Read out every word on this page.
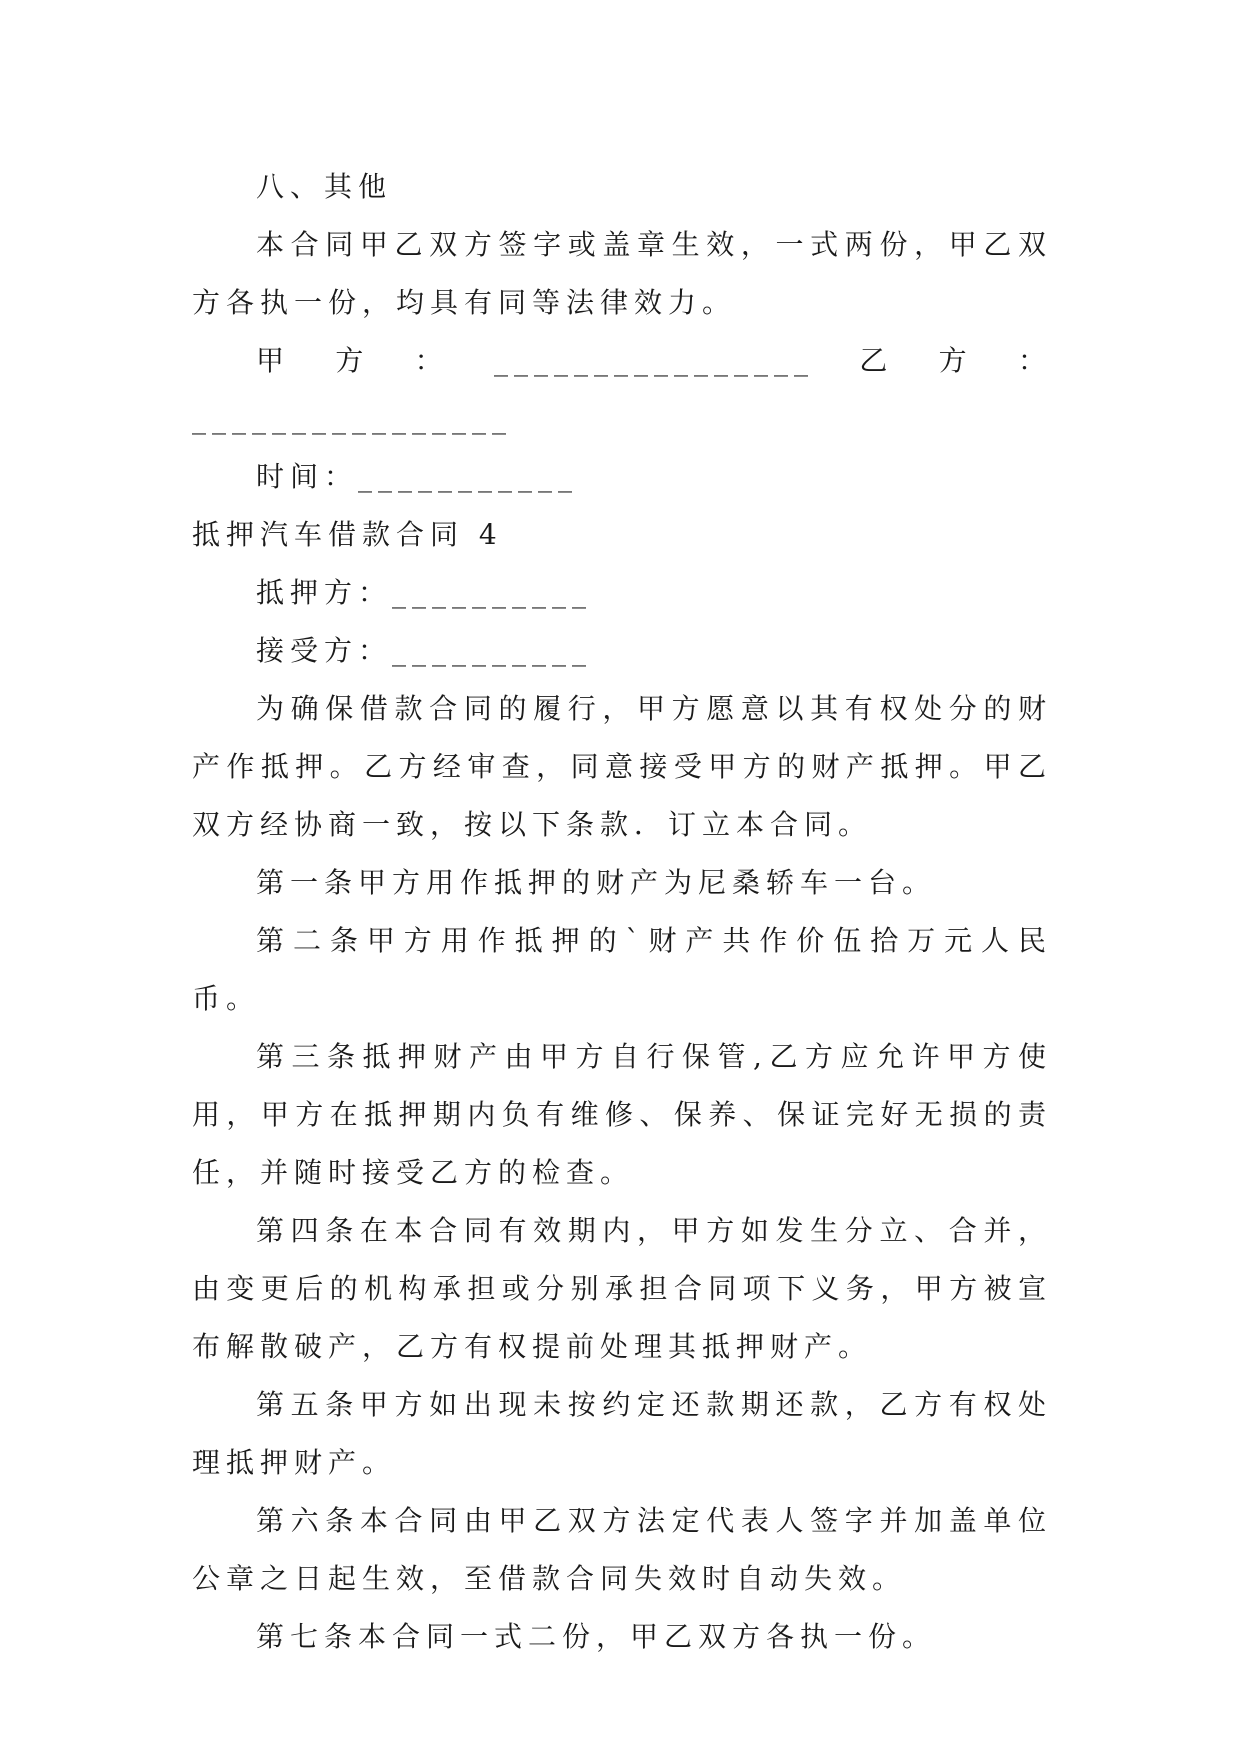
八、其他

本合同甲乙双方签字或盖章生效，一式两份，甲乙双方各执一份，均具有同等法律效力。

甲方：________________乙方：________________

时间：___________

抵押汽车借款合同 4

抵押方：__________

接受方：__________

为确保借款合同的履行，甲方愿意以其有权处分的财产作抵押。乙方经审查，同意接受甲方的财产抵押。甲乙双方经协商一致，按以下条款．订立本合同。

第一条甲方用作抵押的财产为尼桑轿车一台。

第二条甲方用作抵押的`财产共作价伍拾万元人民币。

第三条抵押财产由甲方自行保管,乙方应允许甲方使用，甲方在抵押期内负有维修、保养、保证完好无损的责任，并随时接受乙方的检查。

第四条在本合同有效期内，甲方如发生分立、合并，由变更后的机构承担或分别承担合同项下义务，甲方被宣布解散破产，乙方有权提前处理其抵押财产。

第五条甲方如出现未按约定还款期还款，乙方有权处理抵押财产。

第六条本合同由甲乙双方法定代表人签字并加盖单位公章之日起生效，至借款合同失效时自动失效。

第七条本合同一式二份，甲乙双方各执一份。
